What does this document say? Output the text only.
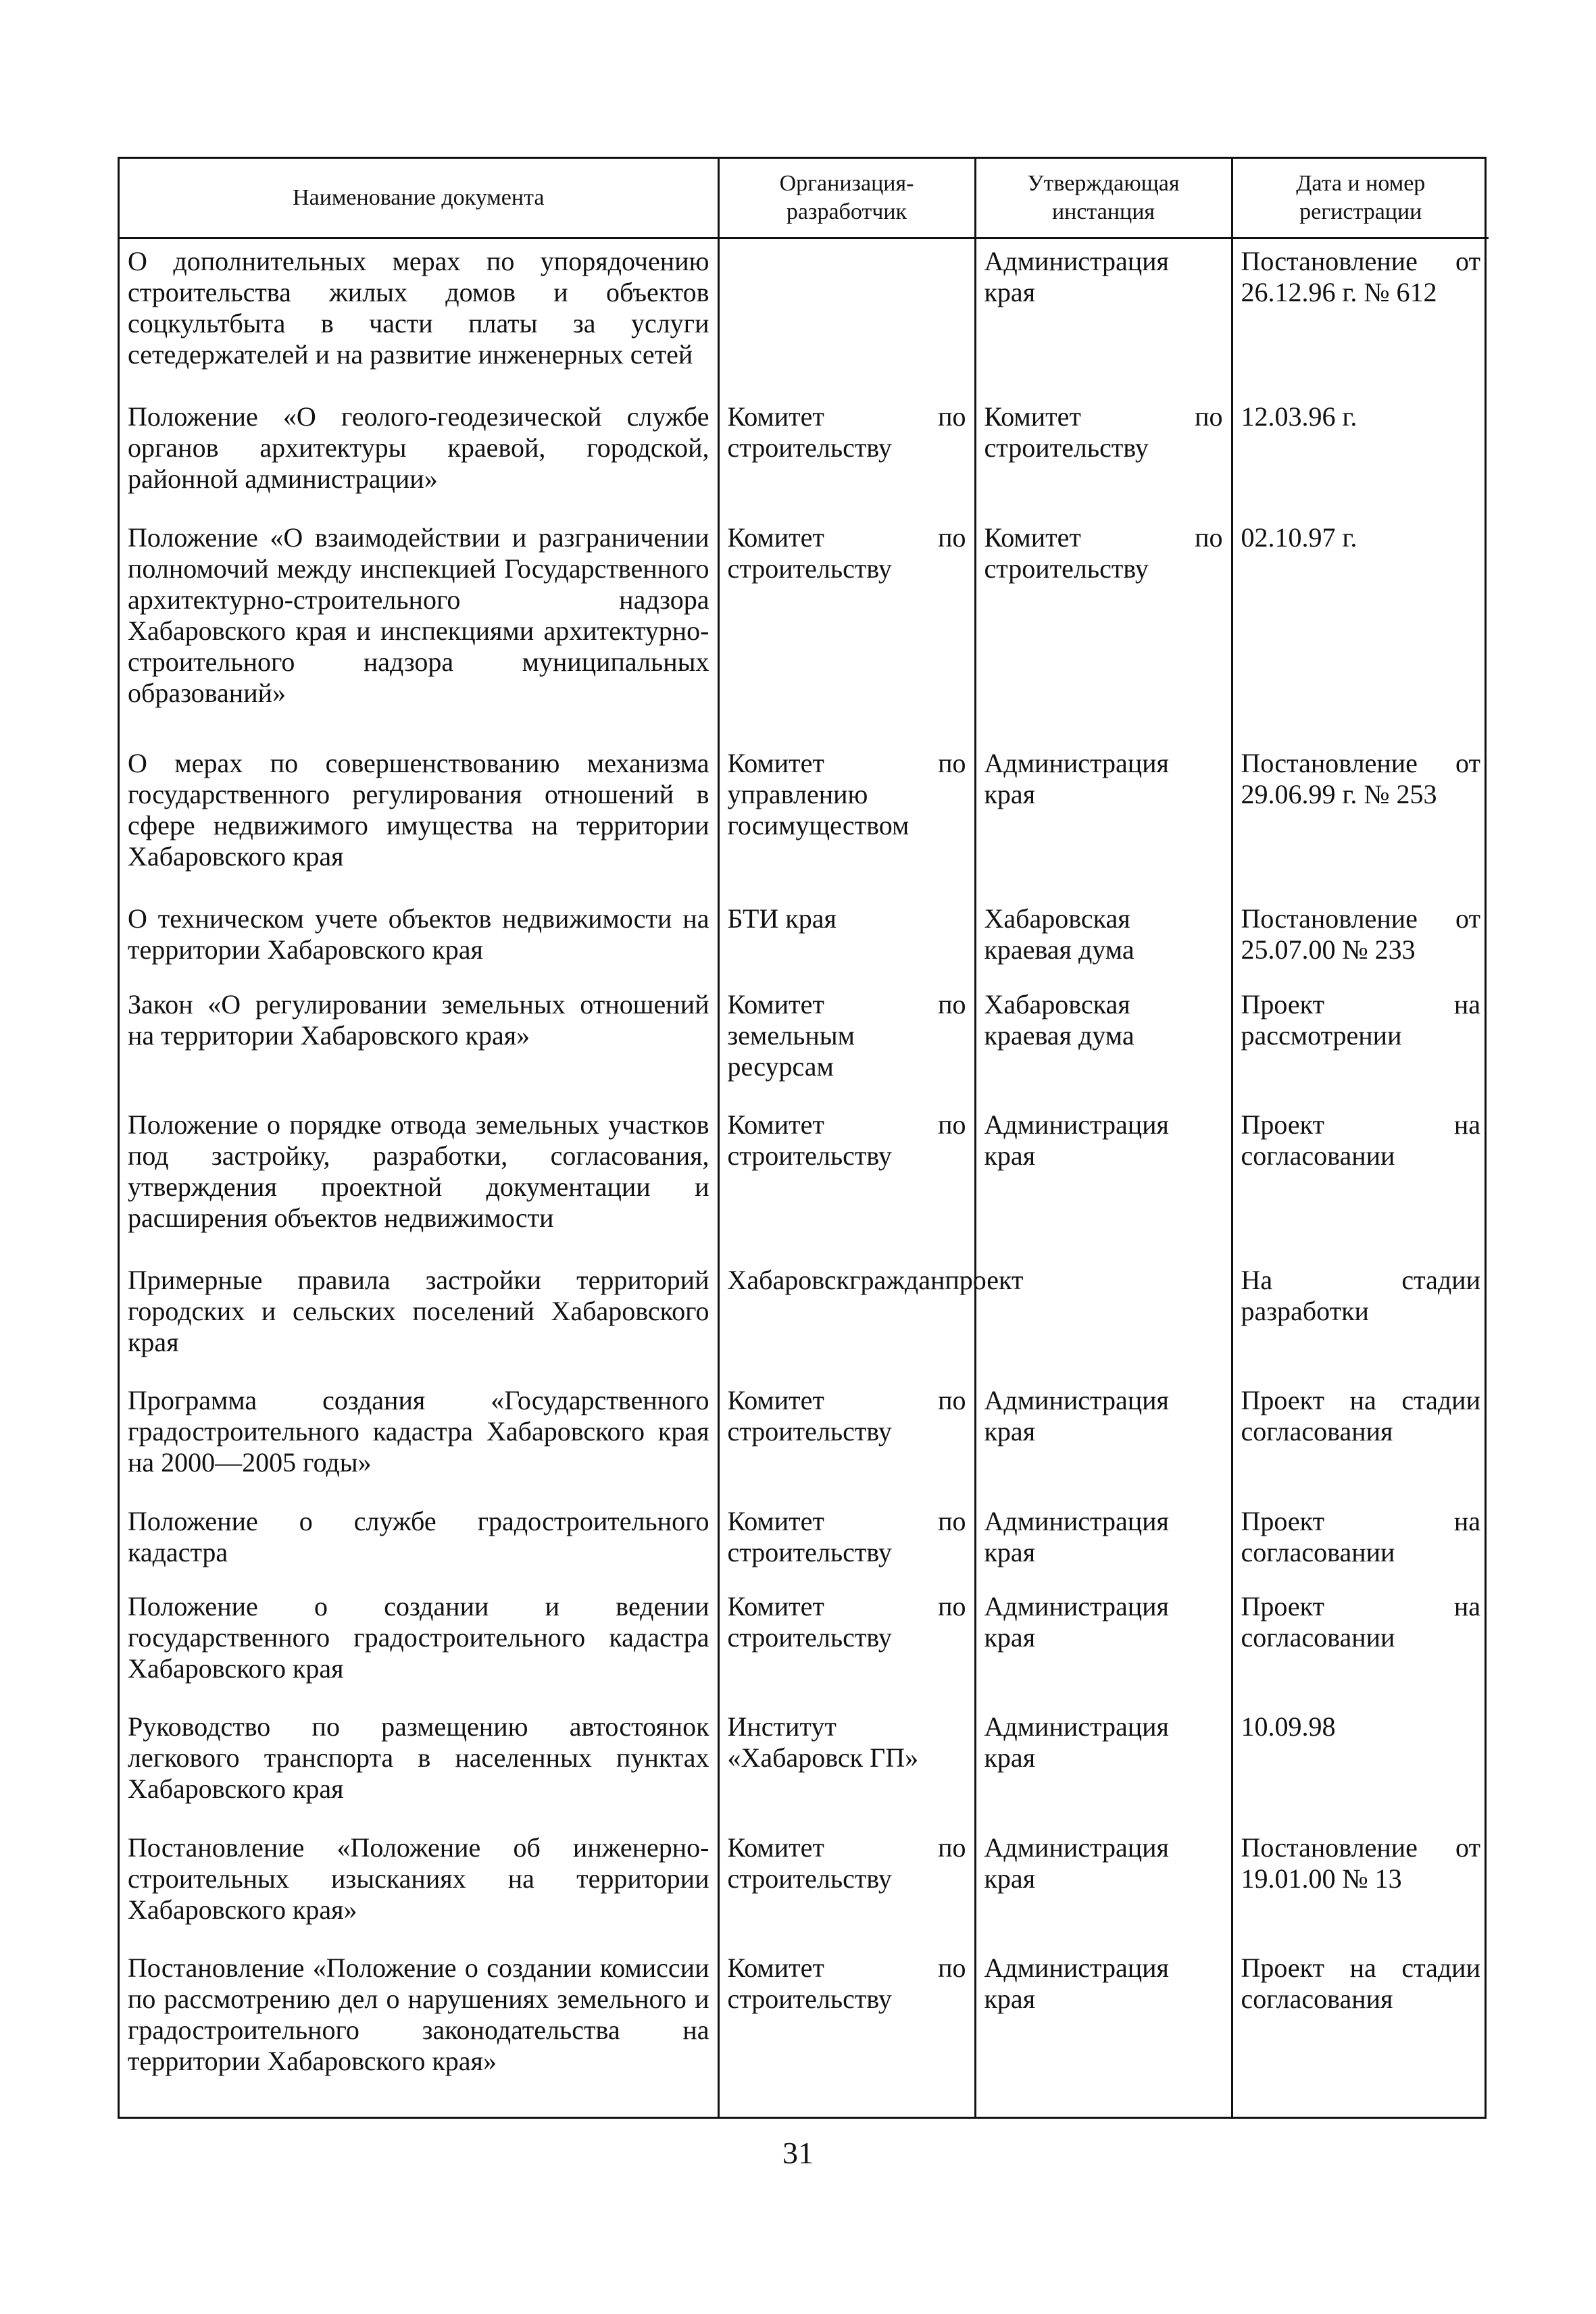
Наименование документа	Организация-разработчик	Утверждающая инстанция	Дата и номер регистрации
О дополнительных мерах по упорядочению строительства жилых домов и объектов соцкультбыта в части платы за услуги сетедержателей и на развитие инженерных сетей		Администрация края	Постановление от 26.12.96 г. № 612
Положение «О геолого-геодезической службе органов архитектуры краевой, городской, районной администрации»	Комитет по строительству	Комитет по строительству	12.03.96 г.
Положение «О взаимодействии и разграничении полномочий между инспекцией Государственного архитектурно-строительного надзора Хабаровского края и инспекциями архитектурно-строительного надзора муниципальных образований»	Комитет по строительству	Комитет по строительству	02.10.97 г.
О мерах по совершенствованию механизма государственного регулирования отношений в сфере недвижимого имущества на территории Хабаровского края	Комитет по управлению госимуществом	Администрация края	Постановление от 29.06.99 г. № 253
О техническом учете объектов недвижимости на территории Хабаровского края	БТИ края	Хабаровская краевая дума	Постановление от 25.07.00 № 233
Закон «О регулировании земельных отношений на территории Хабаровского края»	Комитет по земельным ресурсам	Хабаровская краевая дума	Проект на рассмотрении
Положение о порядке отвода земельных участков под застройку, разработки, согласования, утверждения проектной документации и расширения объектов недвижимости	Комитет по строительству	Администрация края	Проект на согласовании
Примерные правила застройки территорий городских и сельских поселений Хабаровского края	Хабаровскгражданпроект		На стадии разработки
Программа создания «Государственного градостроительного кадастра Хабаровского края на 2000—2005 годы»	Комитет по строительству	Администрация края	Проект на стадии согласования
Положение о службе градостроительного кадастра	Комитет по строительству	Администрация края	Проект на согласовании
Положение о создании и ведении государственного градостроительного кадастра Хабаровского края	Комитет по строительству	Администрация края	Проект на согласовании
Руководство по размещению автостоянок легкового транспорта в населенных пунктах Хабаровского края	Институт «Хабаровск ГП»	Администрация края	10.09.98
Постановление «Положение об инженерно-строительных изысканиях на территории Хабаровского края»	Комитет по строительству	Администрация края	Постановление от 19.01.00 № 13
Постановление «Положение о создании комиссии по рассмотрению дел о нарушениях земельного и градостроительного законодательства на территории Хабаровского края»	Комитет по строительству	Администрация края	Проект на стадии согласования

31
